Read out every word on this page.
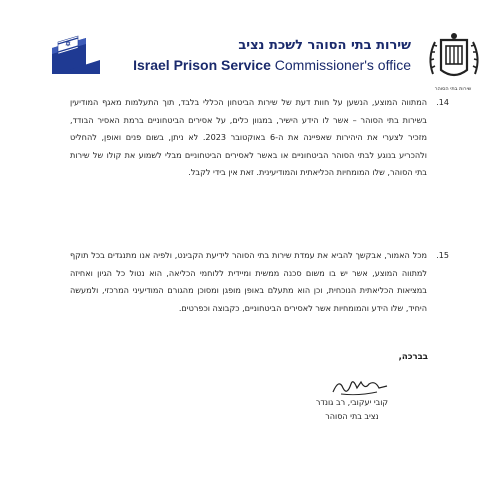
שירות בתי הסוהר לשכת נציב
Israel Prison Service Commissioner's office
שירות בתי הסוהר
.14
המתווה המוצע, הנשען על חוות דעת של שירות הביטחון הכללי בלבד, תוך התעלמות מאגף המודיעין בשירות בתי הסוהר – אשר לו הידע הישיר, במגוון כלים, על אסירים הביטחוניים ברמת האסיר הבודד, מזכיר לצערי את היהירות שאפיינה את ה-6 באוקטובר 2023. לא ניתן, בשום פנים ואופן, להחליט ולהכריע בנוגע לבתי הסוהר הביטחוניים או באשר לאסירים הביטחוניים מבלי לשמוע את קולו של שירות בתי הסוהר, שלו המומחיות הכליאתית והמודיעינית. זאת אין בידי לקבל.
.15
מכל האמור, אבקשך להביא את עמדת שירות בתי הסוהר לידיעת הקבינט, ולפיה אנו מתנגדים בכל תוקף למתווה המוצע, אשר יש בו משום סכנה ממשית ומיידית ללוחמי הכליאה, הוא נטול כל הגיון ואחיזה במציאות הכליאתית הנוכחית, וכן הוא מתעלם באופן מופגן ומסוכן מהגורם המודיעיני המרכזי, ולמעשה היחיד, שלו הידע והמומחיות אשר לאסירים הביטחוניים, כקבוצה וכפרטים.
בברכה,
קובי יעקובי, רב גונדר
נציב בתי הסוהר
